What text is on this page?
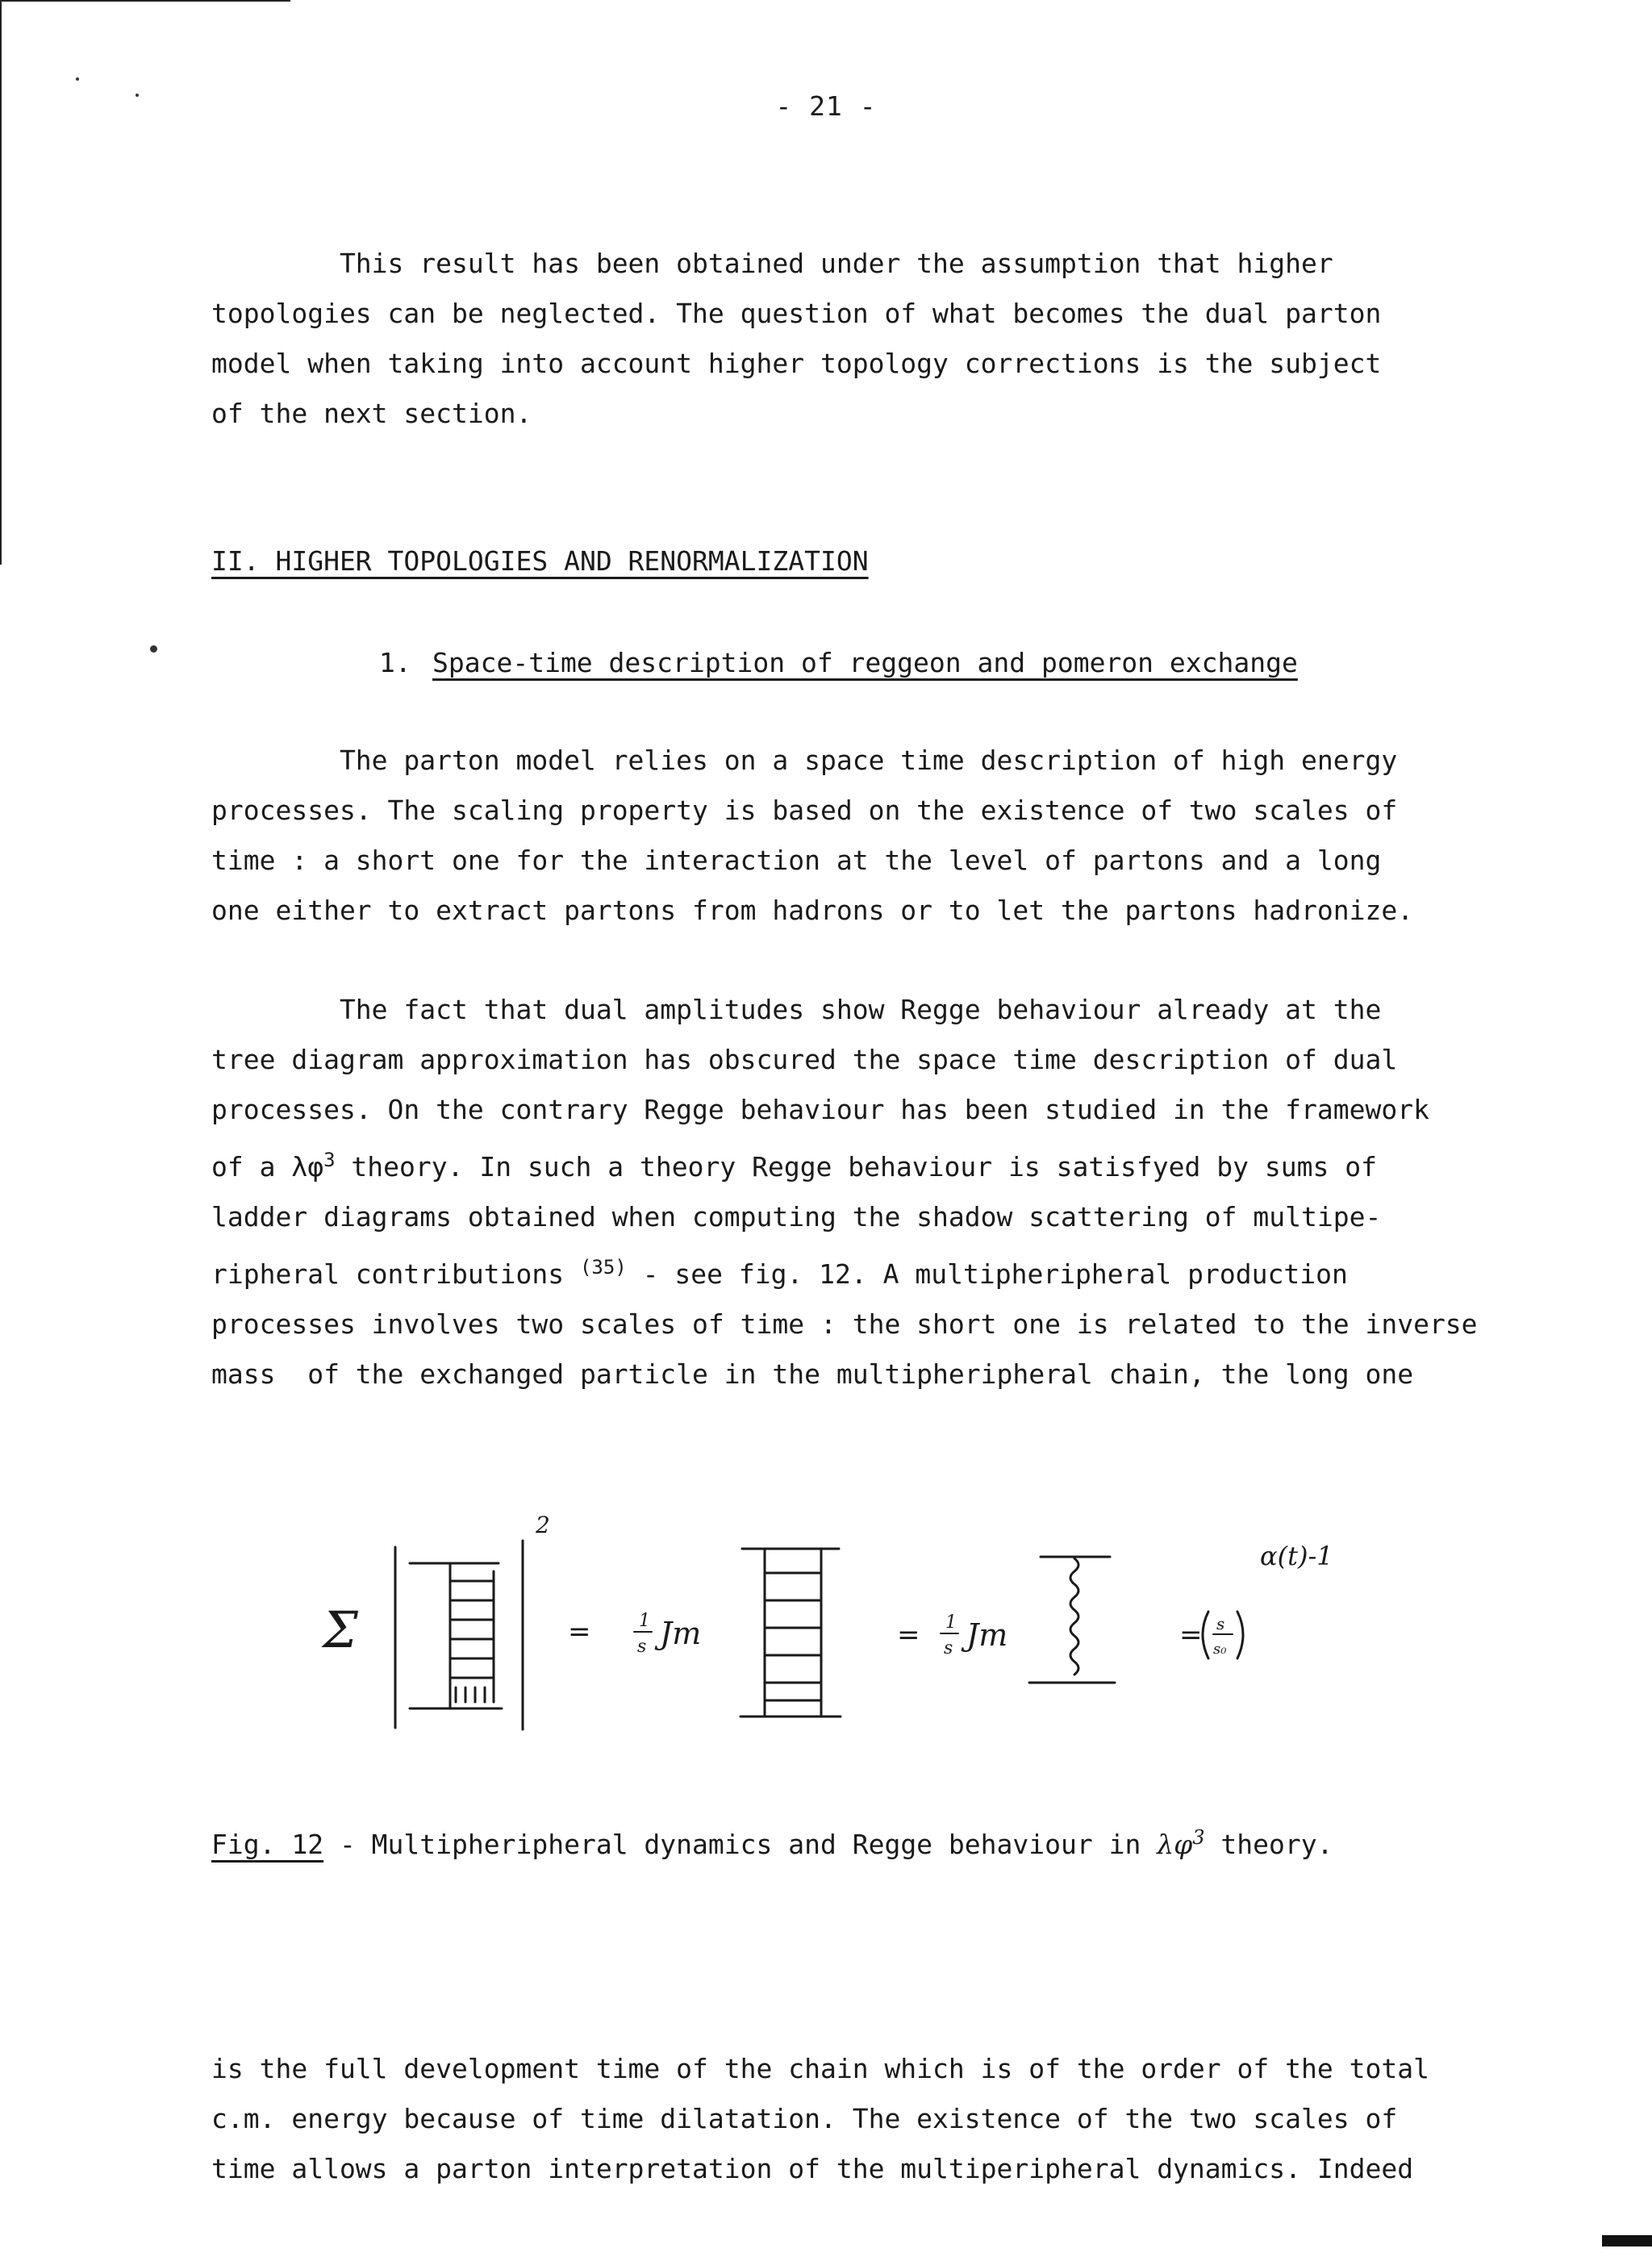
- 21 -
This result has been obtained under the assumption that higher
topologies can be neglected. The question of what becomes the dual parton
model when taking into account higher topology corrections is the subject
of the next section.
II. HIGHER TOPOLOGIES AND RENORMALIZATION
1. Space-time description of reggeon and pomeron exchange
The parton model relies on a space time description of high energy
processes. The scaling property is based on the existence of two scales of
time : a short one for the interaction at the level of partons and a long
one either to extract partons from hadrons or to let the partons hadronize.
The fact that dual amplitudes show Regge behaviour already at the
tree diagram approximation has obscured the space time description of dual
processes. On the contrary Regge behaviour has been studied in the framework
of a $\lambda\varphi^3$ theory. In such a theory Regge behaviour is satisfyed by sums of
ladder diagrams obtained when computing the shadow scattering of multipe-
ripheral contributions $^{(35)}$ - see fig. 12. A multipheripheral production
processes involves two scales of time : the short one is related to the inverse
mass  of the exchanged particle in the multipheripheral chain, the long one
Σ
2
=	1
s Jm	= 1
s Jm	= s
s₀
α(t)-1
Fig. 12 - Multipheripheral dynamics and Regge behaviour in $\lambda\varphi^3$ theory.
is the full development time of the chain which is of the order of the total
c.m. energy because of time dilatation. The existence of the two scales of
time allows a parton interpretation of the multiperipheral dynamics. Indeed
